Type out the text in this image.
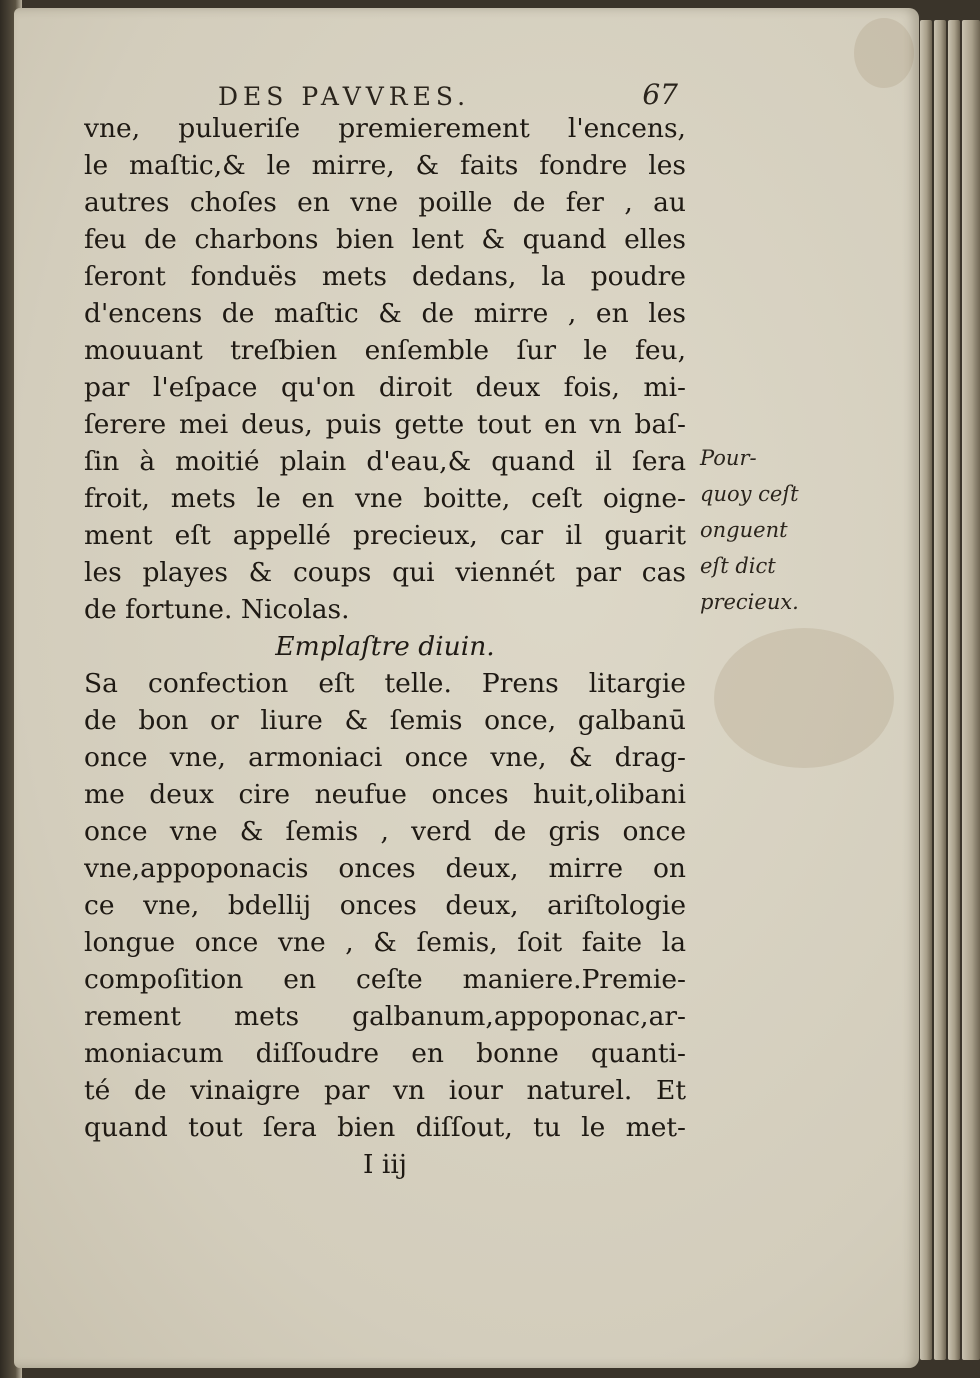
DES PAVVRES.	67
vne, pulueriſe premierement l'encens,
le maſtic,& le mirre, & faits fondre les
autres choſes en vne poille de fer , au
feu de charbons bien lent & quand elles
ſeront fonduës mets dedans, la poudre
d'encens de maſtic & de mirre , en les
mouuant treſbien enſemble ſur le feu,
par l'eſpace qu'on diroit deux fois, mi-
ſerere mei deus, puis gette tout en vn baſ-
ſin à moitié plain d'eau,& quand il ſera
froit, mets le en vne boitte, ceſt oigne-
ment eſt appellé precieux, car il guarit
les playes & coups qui viennét par cas
de fortune. Nicolas.
Emplaſtre diuin.
Sa confection eſt telle. Prens litargie
de bon or liure & ſemis once, galbanū
once vne, armoniaci once vne, & drag-
me deux cire neufue onces huit,olibani
once vne & ſemis , verd de gris once
vne,appoponacis onces deux, mirre on
ce vne, bdellij onces deux, ariſtologie
longue once vne , & ſemis, ſoit faite la
compoſition en ceſte maniere.Premie-
rement mets galbanum,appoponac,ar-
moniacum diſſoudre en bonne quanti-
té de vinaigre par vn iour naturel. Et
quand tout ſera bien diſſout, tu le met-
I iij
Pour-
quoy ceſt
onguent
eſt dict
precieux.
